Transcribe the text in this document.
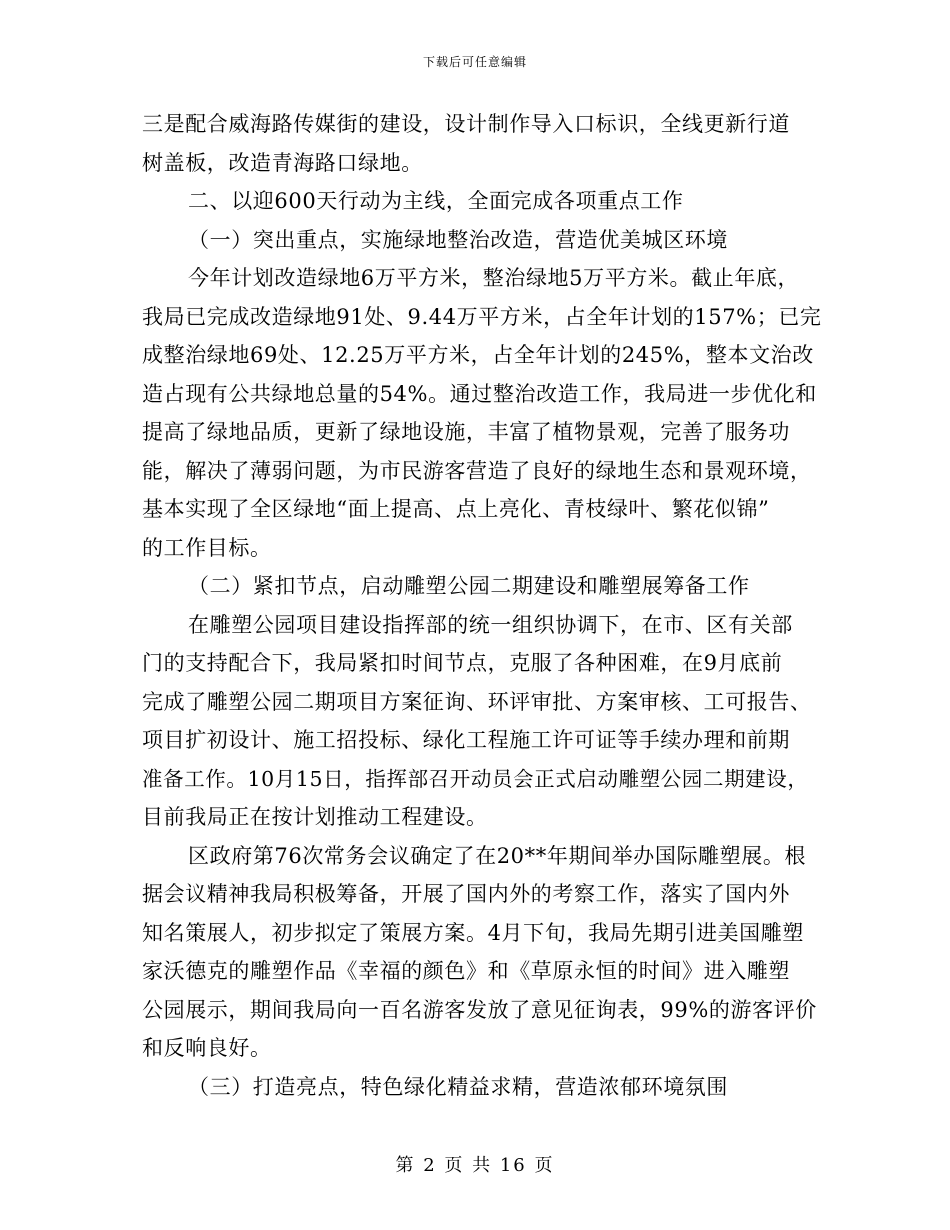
下载后可任意编辑
三是配合威海路传媒街的建设，设计制作导入口标识，全线更新行道
树盖板，改造青海路口绿地。
二、以迎600天行动为主线，全面完成各项重点工作
（一）突出重点，实施绿地整治改造，营造优美城区环境
今年计划改造绿地6万平方米，整治绿地5万平方米。截止年底，
我局已完成改造绿地91处、9.44万平方米，占全年计划的157%；已完
成整治绿地69处、12.25万平方米，占全年计划的245%，整本文治改
造占现有公共绿地总量的54%。通过整治改造工作，我局进一步优化和
提高了绿地品质，更新了绿地设施，丰富了植物景观，完善了服务功
能，解决了薄弱问题，为市民游客营造了良好的绿地生态和景观环境，
基本实现了全区绿地“面上提高、点上亮化、青枝绿叶、繁花似锦”
的工作目标。
（二）紧扣节点，启动雕塑公园二期建设和雕塑展筹备工作
在雕塑公园项目建设指挥部的统一组织协调下，在市、区有关部
门的支持配合下，我局紧扣时间节点，克服了各种困难，在9月底前
完成了雕塑公园二期项目方案征询、环评审批、方案审核、工可报告、
项目扩初设计、施工招投标、绿化工程施工许可证等手续办理和前期
准备工作。10月15日，指挥部召开动员会正式启动雕塑公园二期建设，
目前我局正在按计划推动工程建设。
区政府第76次常务会议确定了在20**年期间举办国际雕塑展。根
据会议精神我局积极筹备，开展了国内外的考察工作，落实了国内外
知名策展人，初步拟定了策展方案。4月下旬，我局先期引进美国雕塑
家沃德克的雕塑作品《幸福的颜色》和《草原永恒的时间》进入雕塑
公园展示，期间我局向一百名游客发放了意见征询表，99%的游客评价
和反响良好。
（三）打造亮点，特色绿化精益求精，营造浓郁环境氛围
第 2 页 共 16 页
